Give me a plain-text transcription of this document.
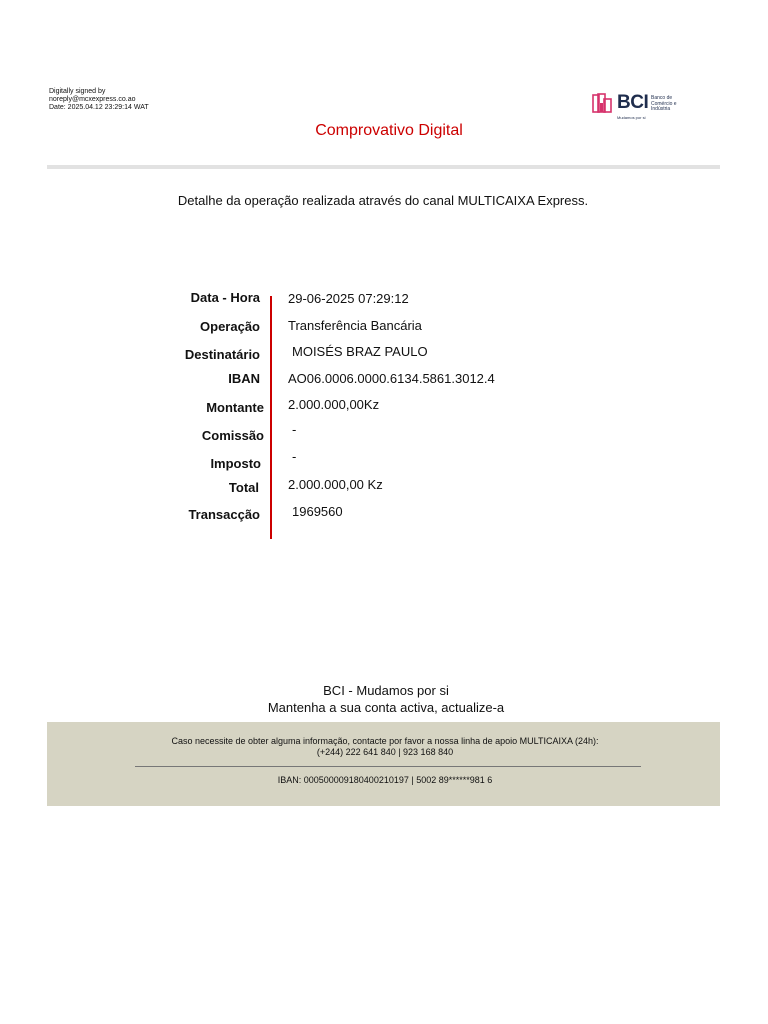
Digitally signed by
noreply@mcxexpress.co.ao
Date: 2025.04.12 23:29:14 WAT	BCI Banco de Comércio e Indústria
Mudamos por si
Comprovativo Digital
Detalhe da operação realizada através do canal MULTICAIXA Express.
Data - Hora 29-06-2025 07:29:12
Operação Transferência Bancária
Destinatário MOISÉS BRAZ PAULO
IBAN AO06.0006.0000.6134.5861.3012.4
Montante 2.000.000,00Kz
Comissão -
Imposto -
Total 2.000.000,00 Kz
Transacção 1969560
BCI - Mudamos por si
Mantenha a sua conta activa, actualize-a
Caso necessite de obter alguma informação, contacte por favor a nossa linha de apoio MULTICAIXA (24h):
(+244) 222 641 840 | 923 168 840
IBAN: 000500009180400210197 | 5002 89******981 6
